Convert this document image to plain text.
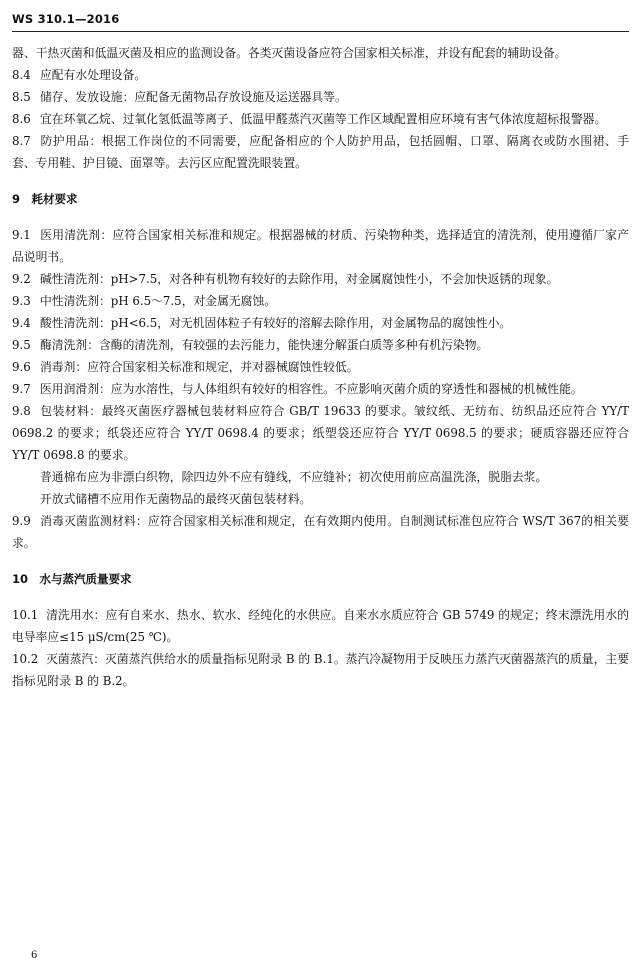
WS 310.1—2016

器、干热灭菌和低温灭菌及相应的监测设备。各类灭菌设备应符合国家相关标准，并设有配套的辅助设备。

8.4 应配有水处理设备。

8.5 储存、发放设施：应配备无菌物品存放设施及运送器具等。

8.6 宜在环氧乙烷、过氧化氢低温等离子、低温甲醛蒸汽灭菌等工作区域配置相应环境有害气体浓度超标报警器。

8.7 防护用品：根据工作岗位的不同需要，应配备相应的个人防护用品，包括圆帽、口罩、隔离衣或防水围裙、手套、专用鞋、护目镜、面罩等。去污区应配置洗眼装置。

9　耗材要求

9.1 医用清洗剂：应符合国家相关标准和规定。根据器械的材质、污染物种类，选择适宜的清洗剂，使用遵循厂家产品说明书。

9.2 碱性清洗剂：pH>7.5，对各种有机物有较好的去除作用，对金属腐蚀性小，不会加快返锈的现象。

9.3 中性清洗剂：pH 6.5～7.5，对金属无腐蚀。

9.4 酸性清洗剂：pH<6.5，对无机固体粒子有较好的溶解去除作用，对金属物品的腐蚀性小。

9.5 酶清洗剂：含酶的清洗剂，有较强的去污能力，能快速分解蛋白质等多种有机污染物。

9.6 消毒剂：应符合国家相关标准和规定，并对器械腐蚀性较低。

9.7 医用润滑剂：应为水溶性，与人体组织有较好的相容性。不应影响灭菌介质的穿透性和器械的机械性能。

9.8 包装材料：最终灭菌医疗器械包装材料应符合 GB/T 19633 的要求。皱纹纸、无纺布、纺织品还应符合 YY/T 0698.2 的要求；纸袋还应符合 YY/T 0698.4 的要求；纸塑袋还应符合 YY/T 0698.5 的要求；硬质容器还应符合 YY/T 0698.8 的要求。

普通棉布应为非漂白织物，除四边外不应有缝线，不应缝补；初次使用前应高温洗涤，脱脂去浆。

开放式储槽不应用作无菌物品的最终灭菌包装材料。

9.9 消毒灭菌监测材料：应符合国家相关标准和规定，在有效期内使用。自制测试标准包应符合 WS/T 367的相关要求。

10　水与蒸汽质量要求

10.1 清洗用水：应有自来水、热水、软水、经纯化的水供应。自来水水质应符合 GB 5749 的规定；终末漂洗用水的电导率应≤15 μS/cm(25 ℃)。

10.2 灭菌蒸汽：灭菌蒸汽供给水的质量指标见附录 B 的 B.1。蒸汽冷凝物用于反映压力蒸汽灭菌器蒸汽的质量，主要指标见附录 B 的 B.2。

6
